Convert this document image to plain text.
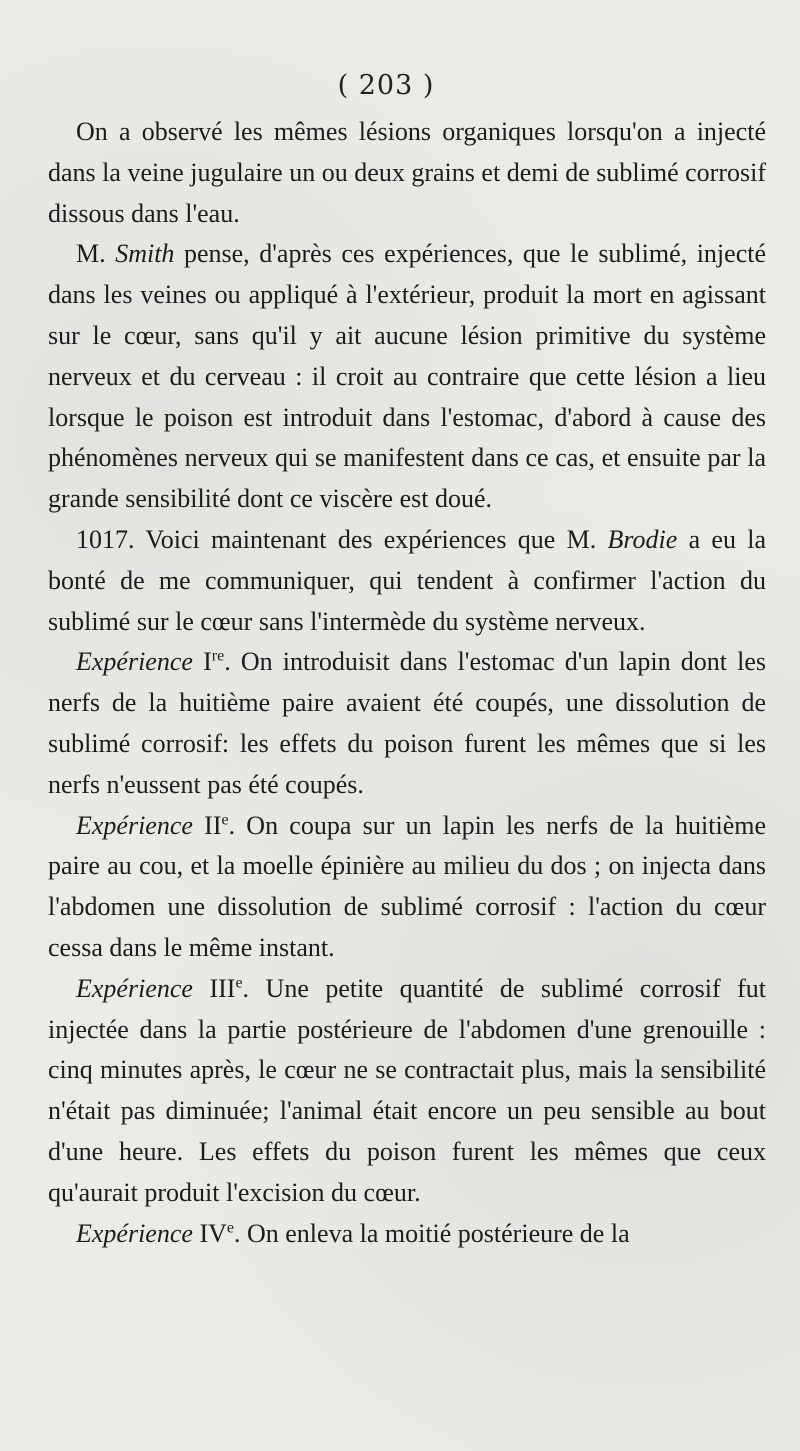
( 203 )

On a observé les mêmes lésions organiques lorsqu'on a injecté dans la veine jugulaire un ou deux grains et demi de sublimé corrosif dissous dans l'eau.

M. Smith pense, d'après ces expériences, que le sublimé, injecté dans les veines ou appliqué à l'extérieur, produit la mort en agissant sur le cœur, sans qu'il y ait aucune lésion primitive du système nerveux et du cerveau : il croit au contraire que cette lésion a lieu lorsque le poison est introduit dans l'estomac, d'abord à cause des phénomènes nerveux qui se manifestent dans ce cas, et ensuite par la grande sensibilité dont ce viscère est doué.

1017. Voici maintenant des expériences que M. Brodie a eu la bonté de me communiquer, qui tendent à confirmer l'action du sublimé sur le cœur sans l'intermède du système nerveux.

Expérience Ire. On introduisit dans l'estomac d'un lapin dont les nerfs de la huitième paire avaient été coupés, une dissolution de sublimé corrosif: les effets du poison furent les mêmes que si les nerfs n'eussent pas été coupés.

Expérience IIe. On coupa sur un lapin les nerfs de la huitième paire au cou, et la moelle épinière au milieu du dos ; on injecta dans l'abdomen une dissolution de sublimé corrosif : l'action du cœur cessa dans le même instant.

Expérience IIIe. Une petite quantité de sublimé corrosif fut injectée dans la partie postérieure de l'abdomen d'une grenouille : cinq minutes après, le cœur ne se contractait plus, mais la sensibilité n'était pas diminuée; l'animal était encore un peu sensible au bout d'une heure. Les effets du poison furent les mêmes que ceux qu'aurait produit l'excision du cœur.

Expérience IVe. On enleva la moitié postérieure de la
